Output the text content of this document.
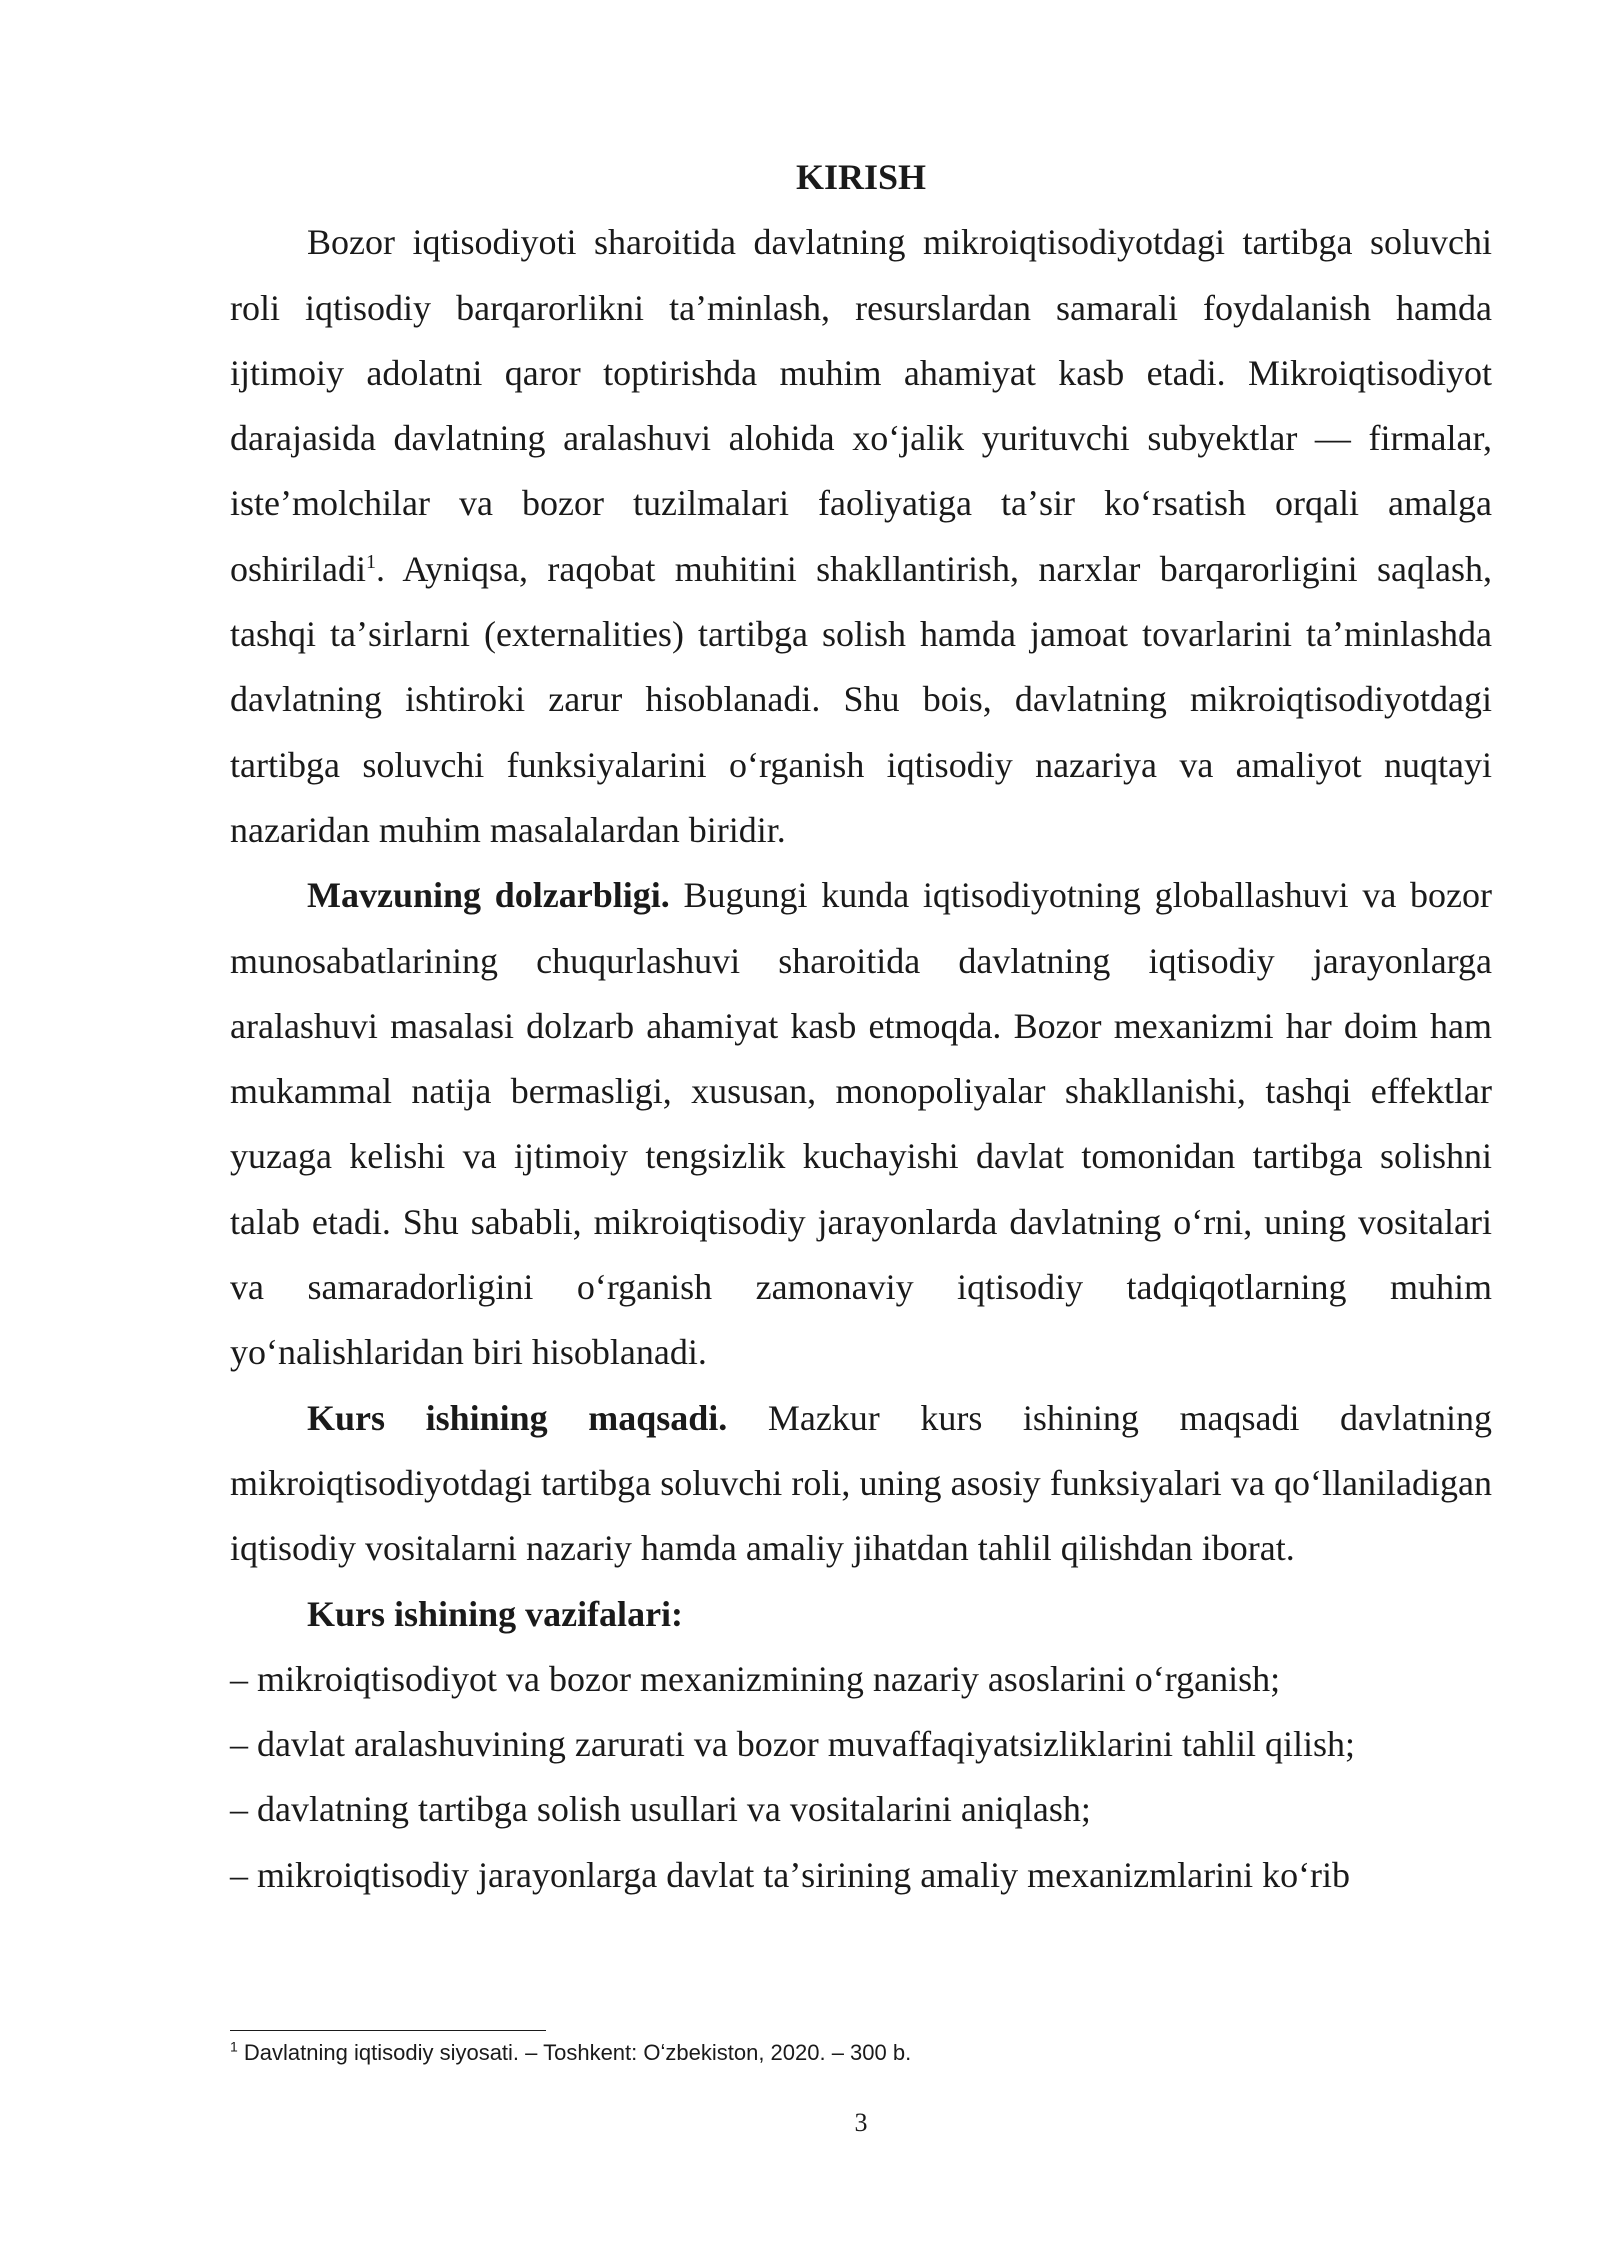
KIRISH

Bozor iqtisodiyoti sharoitida davlatning mikroiqtisodiyotdagi tartibga soluvchi roli iqtisodiy barqarorlikni taʼminlash, resurslardan samarali foydalanish hamda ijtimoiy adolatni qaror toptirishda muhim ahamiyat kasb etadi. Mikroiqtisodiyot darajasida davlatning aralashuvi alohida xoʻjalik yurituvchi subyektlar — firmalar, isteʼmolchilar va bozor tuzilmalari faoliyatiga taʼsir koʻrsatish orqali amalga oshiriladi$^1$. Ayniqsa, raqobat muhitini shakllantirish, narxlar barqarorligini saqlash, tashqi taʼsirlarni (externalities) tartibga solish hamda jamoat tovarlarini taʼminlashda davlatning ishtiroki zarur hisoblanadi. Shu bois, davlatning mikroiqtisodiyotdagi tartibga soluvchi funksiyalarini oʻrganish iqtisodiy nazariya va amaliyot nuqtayi nazaridan muhim masalalardan biridir.

Mavzuning dolzarbligi. Bugungi kunda iqtisodiyotning globallashuvi va bozor munosabatlarining chuqurlashuvi sharoitida davlatning iqtisodiy jarayonlarga aralashuvi masalasi dolzarb ahamiyat kasb etmoqda. Bozor mexanizmi har doim ham mukammal natija bermasligi, xususan, monopoliyalar shakllanishi, tashqi effektlar yuzaga kelishi va ijtimoiy tengsizlik kuchayishi davlat tomonidan tartibga solishni talab etadi. Shu sababli, mikroiqtisodiy jarayonlarda davlatning oʻrni, uning vositalari va samaradorligini oʻrganish zamonaviy iqtisodiy tadqiqotlarning muhim yoʻnalishlaridan biri hisoblanadi.

Kurs ishining maqsadi. Mazkur kurs ishining maqsadi davlatning mikroiqtisodiyotdagi tartibga soluvchi roli, uning asosiy funksiyalari va qoʻllaniladigan iqtisodiy vositalarni nazariy hamda amaliy jihatdan tahlil qilishdan iborat.

Kurs ishining vazifalari:

– mikroiqtisodiyot va bozor mexanizmining nazariy asoslarini oʻrganish;

– davlat aralashuvining zarurati va bozor muvaffaqiyatsizliklarini tahlil qilish;

– davlatning tartibga solish usullari va vositalarini aniqlash;

– mikroiqtisodiy jarayonlarga davlat taʼsirining amaliy mexanizmlarini koʻrib

$^1$ Davlatning iqtisodiy siyosati. – Toshkent: Oʻzbekiston, 2020. – 300 b.
3
